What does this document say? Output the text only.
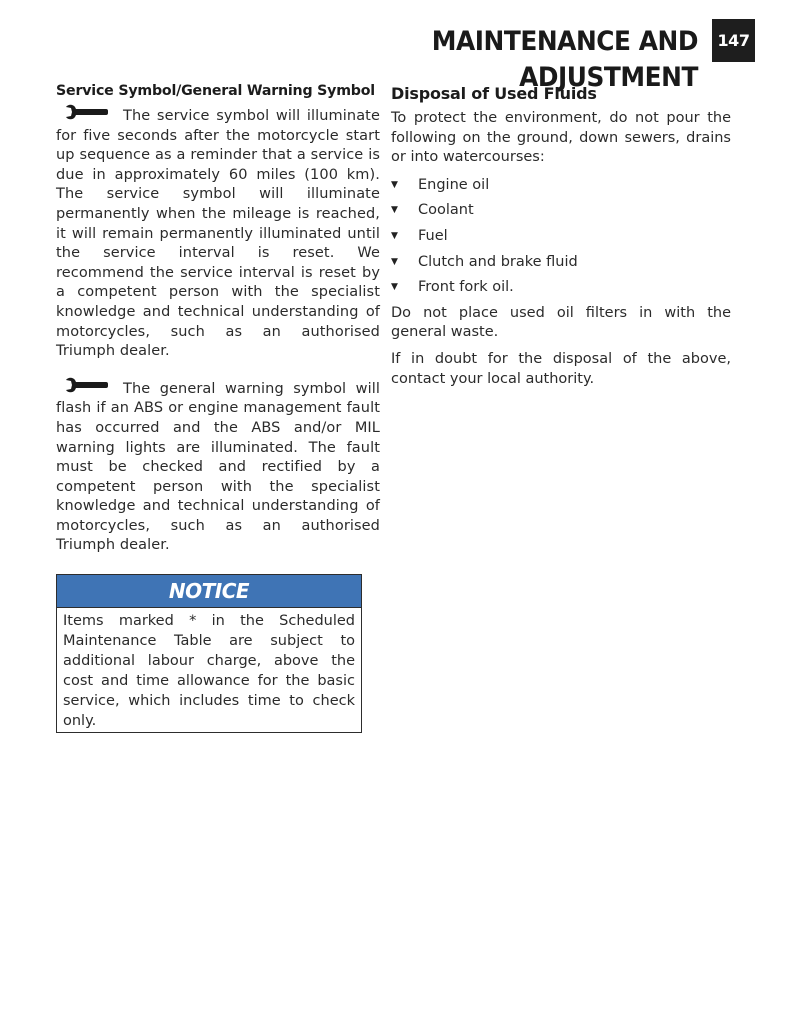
MAINTENANCE AND ADJUSTMENT
147
Service Symbol/General Warning Symbol

The service symbol will illuminate for five seconds after the motorcycle start up sequence as a reminder that a service is due in approximately 60 miles (100 km). The service symbol will illuminate permanently when the mileage is reached, it will remain permanently illuminated until the service interval is reset. We recommend the service interval is reset by a competent person with the specialist knowledge and technical understanding of motorcycles, such as an authorised Triumph dealer.

The general warning symbol will flash if an ABS or engine management fault has occurred and the ABS and/or MIL warning lights are illuminated. The fault must be checked and rectified by a competent person with the specialist knowledge and technical understanding of motorcycles, such as an authorised Triumph dealer.

NOTICE
Items marked * in the Scheduled Maintenance Table are subject to additional labour charge, above the cost and time allowance for the basic service, which includes time to check only.
Disposal of Used Fluids

To protect the environment, do not pour the following on the ground, down sewers, drains or into watercourses:

▼	Engine oil
▼	Coolant
▼	Fuel
▼	Clutch and brake fluid
▼	Front fork oil.

Do not place used oil filters in with the general waste.

If in doubt for the disposal of the above, contact your local authority.
